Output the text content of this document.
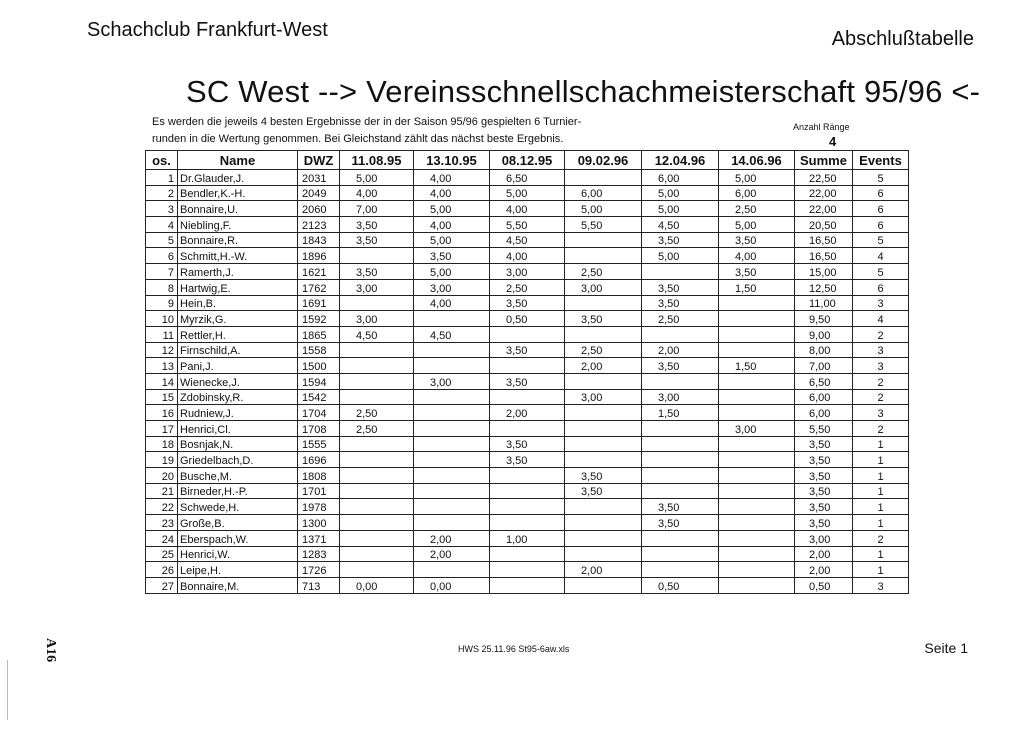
Schachclub Frankfurt-West	Abschlußtabelle
SC West --> Vereinsschnellschachmeisterschaft 95/96 <-
Es werden die jeweils 4 besten Ergebnisse der in der Saison 95/96 gespielten 6 Turnier-
runden in die Wertung genommen. Bei Gleichstand zählt das nächst beste Ergebnis.
Anzahl Ränge
4
os.	Name	DWZ	11.08.95	13.10.95	08.12.95	09.02.96	12.04.96	14.06.96	Summe	Events
1	Dr.Glauder,J.	2031	5,00	4,00	6,50		6,00	5,00	22,50	5
2	Bendler,K.-H.	2049	4,00	4,00	5,00	6,00	5,00	6,00	22,00	6
3	Bonnaire,U.	2060	7,00	5,00	4,00	5,00	5,00	2,50	22,00	6
4	Niebling,F.	2123	3,50	4,00	5,50	5,50	4,50	5,00	20,50	6
5	Bonnaire,R.	1843	3,50	5,00	4,50		3,50	3,50	16,50	5
6	Schmitt,H.-W.	1896		3,50	4,00		5,00	4,00	16,50	4
7	Ramerth,J.	1621	3,50	5,00	3,00	2,50		3,50	15,00	5
8	Hartwig,E.	1762	3,00	3,00	2,50	3,00	3,50	1,50	12,50	6
9	Hein,B.	1691		4,00	3,50		3,50		11,00	3
10	Myrzik,G.	1592	3,00		0,50	3,50	2,50		9,50	4
11	Rettler,H.	1865	4,50	4,50					9,00	2
12	Firnschild,A.	1558			3,50	2,50	2,00		8,00	3
13	Pani,J.	1500				2,00	3,50	1,50	7,00	3
14	Wienecke,J.	1594		3,00	3,50				6,50	2
15	Zdobinsky,R.	1542				3,00	3,00		6,00	2
16	Rudniew,J.	1704	2,50		2,00		1,50		6,00	3
17	Henrici,Cl.	1708	2,50					3,00	5,50	2
18	Bosnjak,N.	1555			3,50				3,50	1
19	Griedelbach,D.	1696			3,50				3,50	1
20	Busche,M.	1808				3,50			3,50	1
21	Birneder,H.-P.	1701				3,50			3,50	1
22	Schwede,H.	1978					3,50		3,50	1
23	Große,B.	1300					3,50		3,50	1
24	Eberspach,W.	1371		2,00	1,00				3,00	2
25	Henrici,W.	1283		2,00					2,00	1
26	Leipe,H.	1726				2,00			2,00	1
27	Bonnaire,M.	713	0,00	0,00			0,50		0,50	3
A16	HWS 25.11.96 St95-6aw.xls	Seite 1
